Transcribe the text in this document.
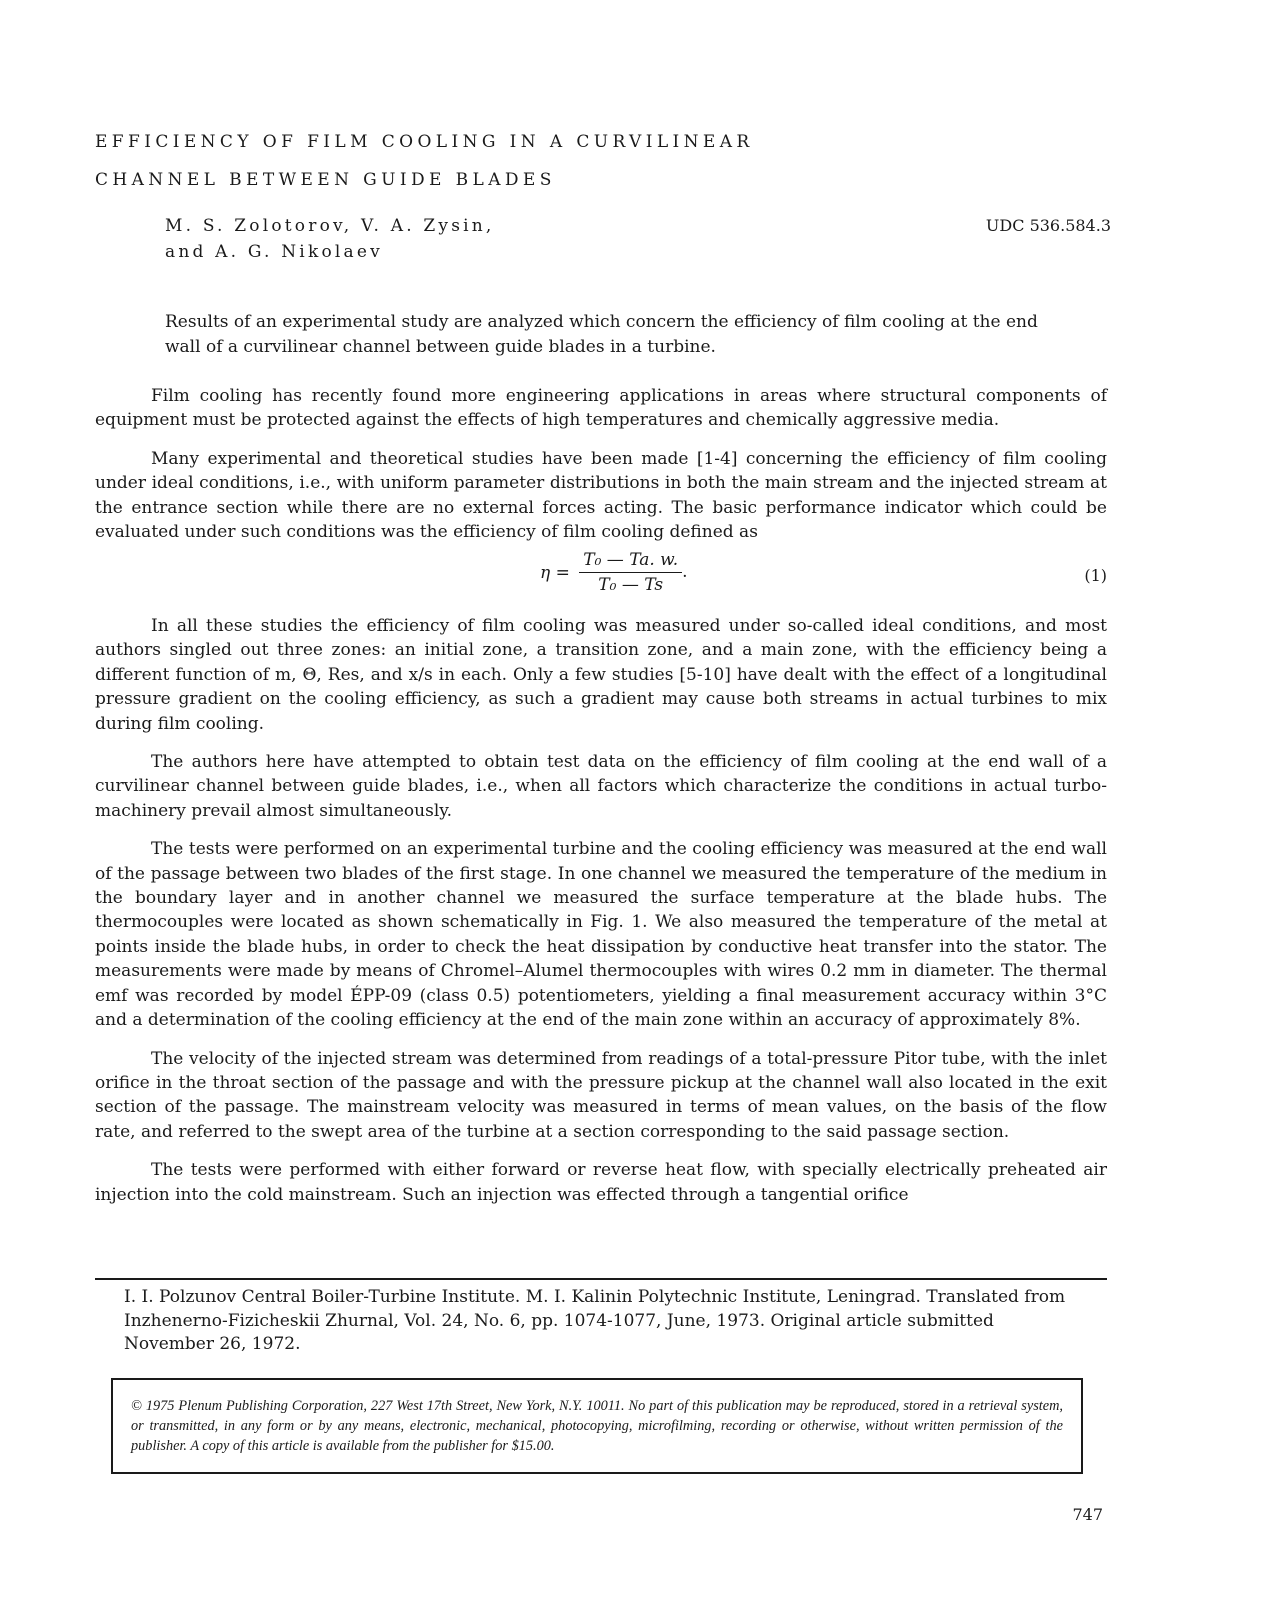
EFFICIENCY OF FILM COOLING IN A CURVILINEAR
CHANNEL BETWEEN GUIDE BLADES
M. S. Zolotorov, V. A. Zysin,
and A. G. Nikolaev
UDC 536.584.3
Results of an experimental study are analyzed which concern the efficiency of film cooling at the end wall of a curvilinear channel between guide blades in a turbine.

Film cooling has recently found more engineering applications in areas where structural components of equipment must be protected against the effects of high temperatures and chemically aggressive media.

Many experimental and theoretical studies have been made [1-4] concerning the efficiency of film cooling under ideal conditions, i.e., with uniform parameter distributions in both the main stream and the injected stream at the entrance section while there are no external forces acting. The basic performance indicator which could be evaluated under such conditions was the efficiency of film cooling defined as

$\eta = \frac{\text{T₀ — Ta. w.}}{\text{T₀ — Ts}}$ .	(1)

In all these studies the efficiency of film cooling was measured under so-called ideal conditions, and most authors singled out three zones: an initial zone, a transition zone, and a main zone, with the efficiency being a different function of m, Θ, Res, and x/s in each. Only a few studies [5-10] have dealt with the effect of a longitudinal pressure gradient on the cooling efficiency, as such a gradient may cause both streams in actual turbines to mix during film cooling.

The authors here have attempted to obtain test data on the efficiency of film cooling at the end wall of a curvilinear channel between guide blades, i.e., when all factors which characterize the conditions in actual turbo-machinery prevail almost simultaneously.

The tests were performed on an experimental turbine and the cooling efficiency was measured at the end wall of the passage between two blades of the first stage. In one channel we measured the temperature of the medium in the boundary layer and in another channel we measured the surface temperature at the blade hubs. The thermocouples were located as shown schematically in Fig. 1. We also measured the temperature of the metal at points inside the blade hubs, in order to check the heat dissipation by conductive heat transfer into the stator. The measurements were made by means of Chromel–Alumel thermocouples with wires 0.2 mm in diameter. The thermal emf was recorded by model ÉPP-09 (class 0.5) potentiometers, yielding a final measurement accuracy within 3°C and a determination of the cooling efficiency at the end of the main zone within an accuracy of approximately 8%.

The velocity of the injected stream was determined from readings of a total-pressure Pitor tube, with the inlet orifice in the throat section of the passage and with the pressure pickup at the channel wall also located in the exit section of the passage. The mainstream velocity was measured in terms of mean values, on the basis of the flow rate, and referred to the swept area of the turbine at a section corresponding to the said passage section.

The tests were performed with either forward or reverse heat flow, with specially electrically preheated air injection into the cold mainstream. Such an injection was effected through a tangential orifice

I. I. Polzunov Central Boiler-Turbine Institute. M. I. Kalinin Polytechnic Institute, Leningrad. Translated from Inzhenerno-Fizicheskii Zhurnal, Vol. 24, No. 6, pp. 1074-1077, June, 1973. Original article submitted November 26, 1972.
© 1975 Plenum Publishing Corporation, 227 West 17th Street, New York, N.Y. 10011. No part of this publication may be reproduced, stored in a retrieval system, or transmitted, in any form or by any means, electronic, mechanical, photocopying, microfilming, recording or otherwise, without written permission of the publisher. A copy of this article is available from the publisher for $15.00.
747
